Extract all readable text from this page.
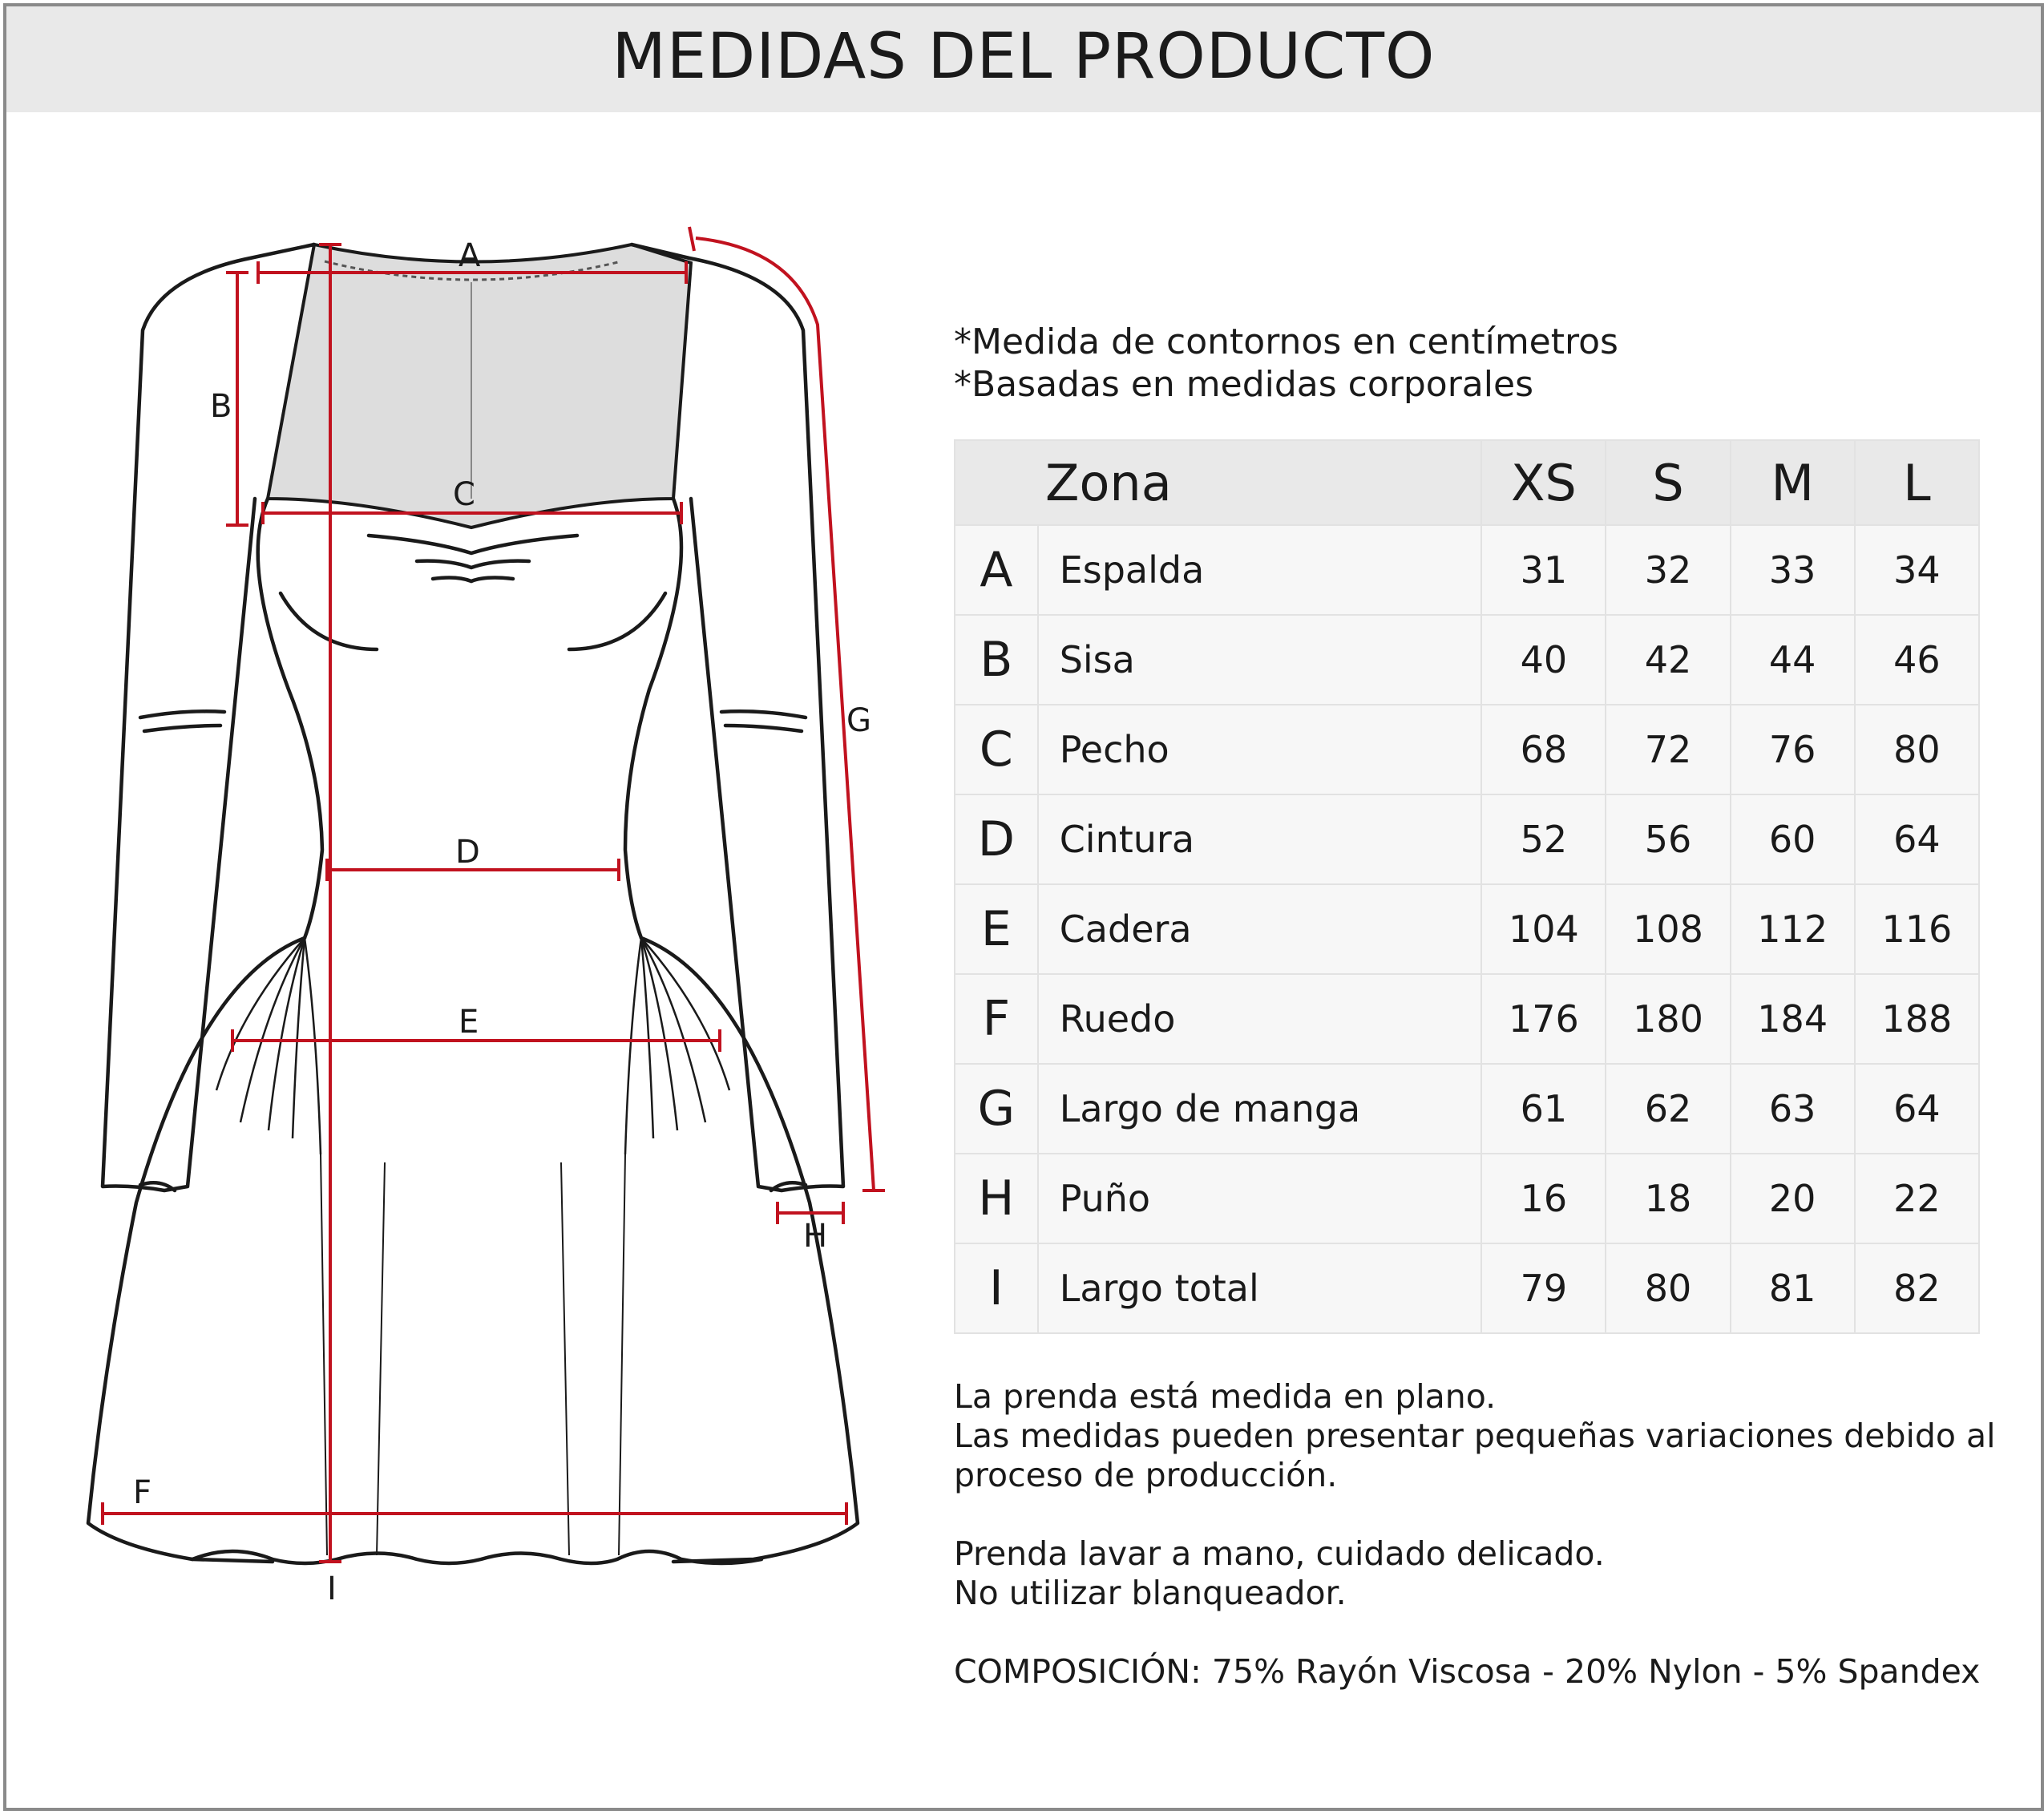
MEDIDAS DEL PRODUCTO
A
B
C
D
E
F
G
H
I
*Medida de contornos en centímetros
*Basadas en medidas corporales
Zona		XS	S	M	L
A	Espalda	31	32	33	34
B	Sisa	40	42	44	46
C	Pecho	68	72	76	80
D	Cintura	52	56	60	64
E	Cadera	104	108	112	116
F	Ruedo	176	180	184	188
G	Largo de manga	61	62	63	64
H	Puño	16	18	20	22
I	Largo total	79	80	81	82

La prenda está medida en plano.

Las medidas pueden presentar pequeñas variaciones debido al

proceso de producción.

Prenda lavar a mano, cuidado delicado.

No utilizar blanqueador.

COMPOSICIÓN: 75% Rayón Viscosa - 20% Nylon - 5% Spandex
